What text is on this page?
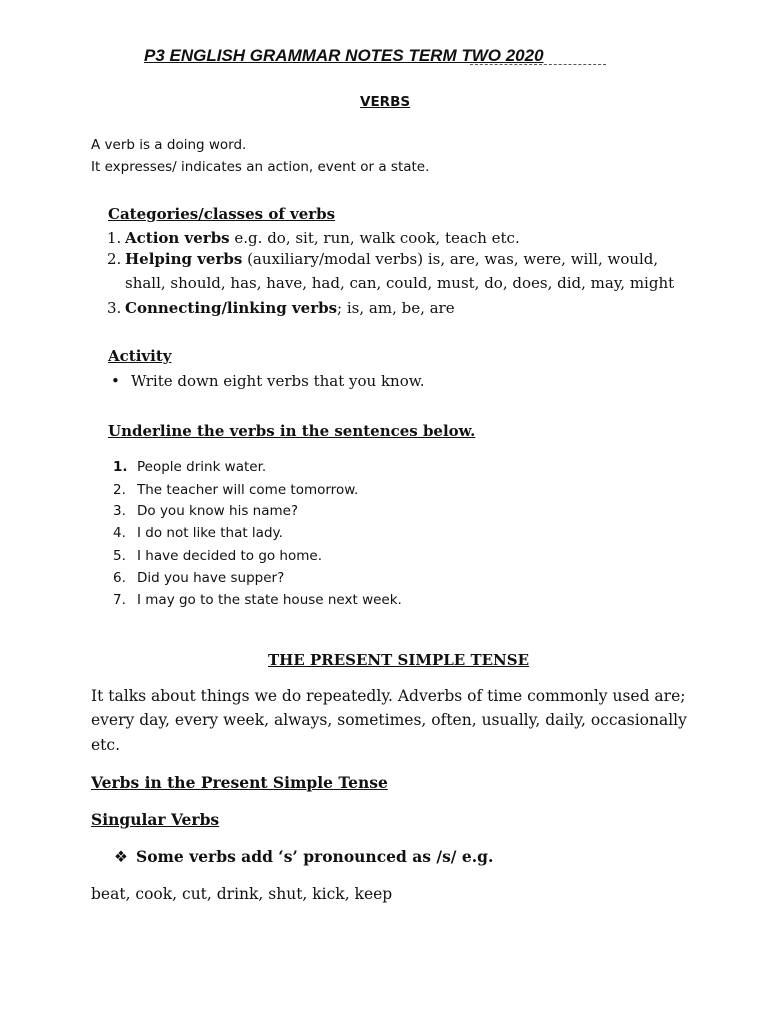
P3 ENGLISH GRAMMAR NOTES TERM TWO 2020
VERBS
A verb is a doing word.
It expresses/ indicates an action, event or a state.
Categories/classes of verbs
1. Action verbs e.g. do, sit, run, walk cook, teach etc.
2. Helping verbs (auxiliary/modal verbs) is, are, was, were, will, would,
shall, should, has, have, had, can, could, must, do, does, did, may, might
3. Connecting/linking verbs; is, am, be, are
Activity
• Write down eight verbs that you know.
Underline the verbs in the sentences below.
1. People drink water.
2. The teacher will come tomorrow.
3. Do you know his name?
4. I do not like that lady.
5. I have decided to go home.
6. Did you have supper?
7. I may go to the state house next week.
THE PRESENT SIMPLE TENSE
It talks about things we do repeatedly. Adverbs of time commonly used are;
every day, every week, always, sometimes, often, usually, daily, occasionally
etc.
Verbs in the Present Simple Tense
Singular Verbs
❖ Some verbs add ‘s’ pronounced as /s/ e.g.
beat, cook, cut, drink, shut, kick, keep
